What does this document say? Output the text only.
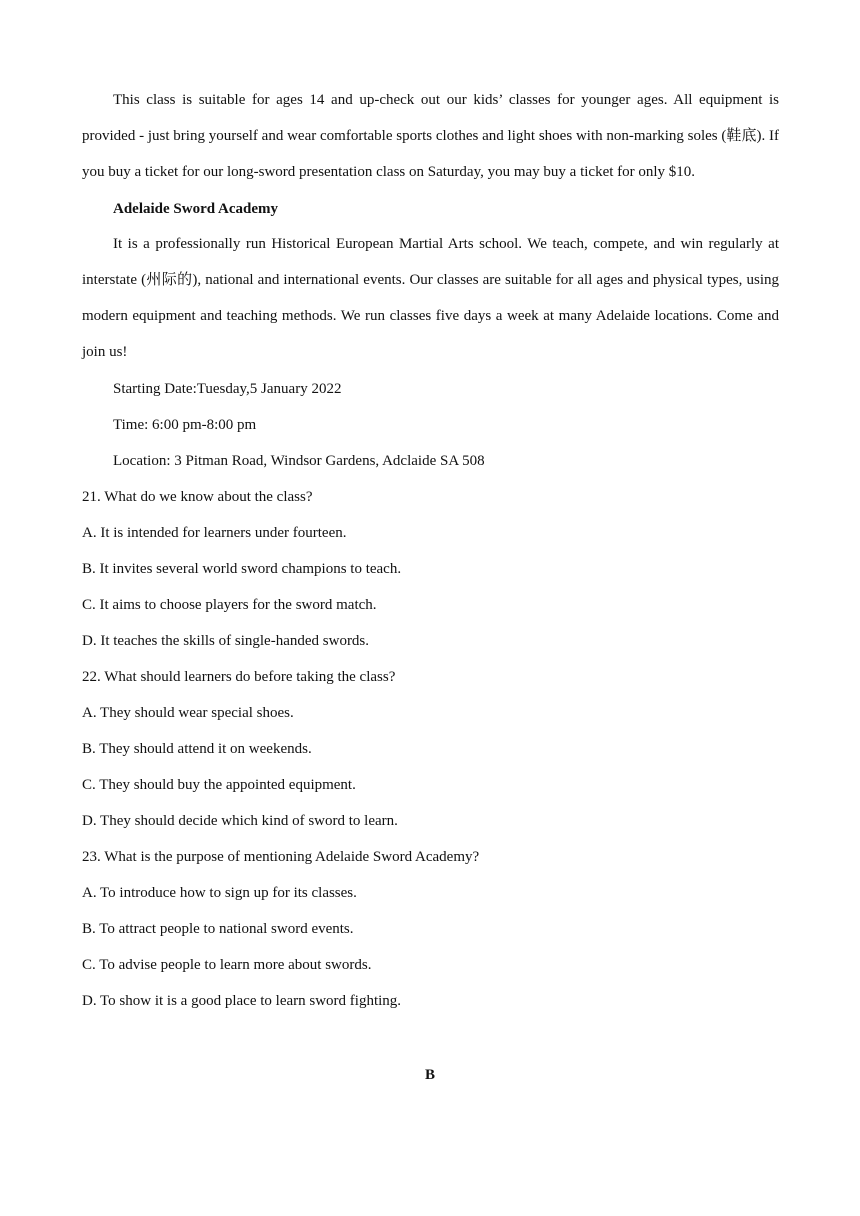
This class is suitable for ages 14 and up-check out our kids’ classes for younger ages. All equipment is provided - just bring yourself and wear comfortable sports clothes and light shoes with non-marking soles (鞋底). If you buy a ticket for our long-sword presentation class on Saturday, you may buy a ticket for only $10.

Adelaide Sword Academy

It is a professionally run Historical European Martial Arts school. We teach, compete, and win regularly at interstate (州际的), national and international events. Our classes are suitable for all ages and physical types, using modern equipment and teaching methods. We run classes five days a week at many Adelaide locations. Come and join us!

Starting Date:Tuesday,5 January 2022

Time: 6:00 pm-8:00 pm

Location: 3 Pitman Road, Windsor Gardens, Adclaide SA 508

21. What do we know about the class?

A. It is intended for learners under fourteen.

B. It invites several world sword champions to teach.

C. It aims to choose players for the sword match.

D. It teaches the skills of single-handed swords.

22. What should learners do before taking the class?

A. They should wear special shoes.

B. They should attend it on weekends.

C. They should buy the appointed equipment.

D. They should decide which kind of sword to learn.

23. What is the purpose of mentioning Adelaide Sword Academy?

A. To introduce how to sign up for its classes.

B. To attract people to national sword events.

C. To advise people to learn more about swords.

D. To show it is a good place to learn sword fighting.

B
